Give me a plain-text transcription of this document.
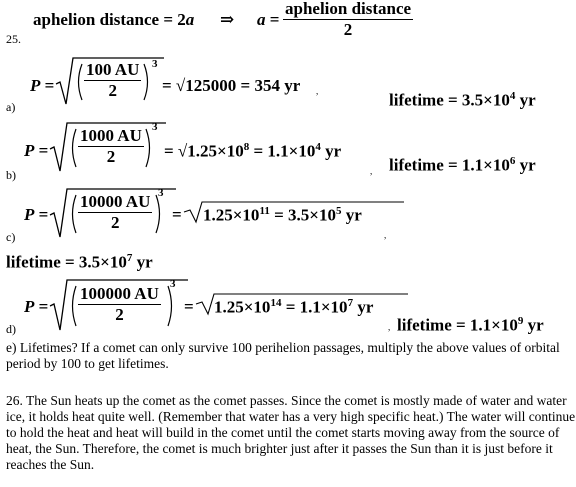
25.
aphelion distance = 2a ⇒ $a = \frac{\text{aphelion distance}}{2}$
a)
$P = \frac{100 AU}{2} 3$
= √125000 = 354 yr ,	lifetime = $3.5\times 10^4$ yr
b)
$P = \frac{1000 AU}{2} 3$
= $√1.25\times 10^8 = 1.1\times 10^4$ yr
, lifetime = $1.1\times 10^6$ yr
c)
$P = \frac{10000 AU}{2} 3$
= $1.25\times 10^{11} = 3.5\times 10^5$ yr
,
lifetime = $3.5\times 10^7$ yr
d)
$P = \frac{100000 AU}{2} 3$
= $1.25\times 10^{14} = 1.1\times 10^7$ yr
, lifetime = $1.1\times 10^9$ yr
e) Lifetimes? If a comet can only survive 100 perihelion passages, multiply the above values of orbital period by 100 to get lifetimes.
26. The Sun heats up the comet as the comet passes. Since the comet is mostly made of water and water ice, it holds heat quite well. (Remember that water has a very high specific heat.) The water will continue to hold the heat and heat will build in the comet until the comet starts moving away from the source of heat, the Sun. Therefore, the comet is much brighter just after it passes the Sun than it is just before it reaches the Sun.
